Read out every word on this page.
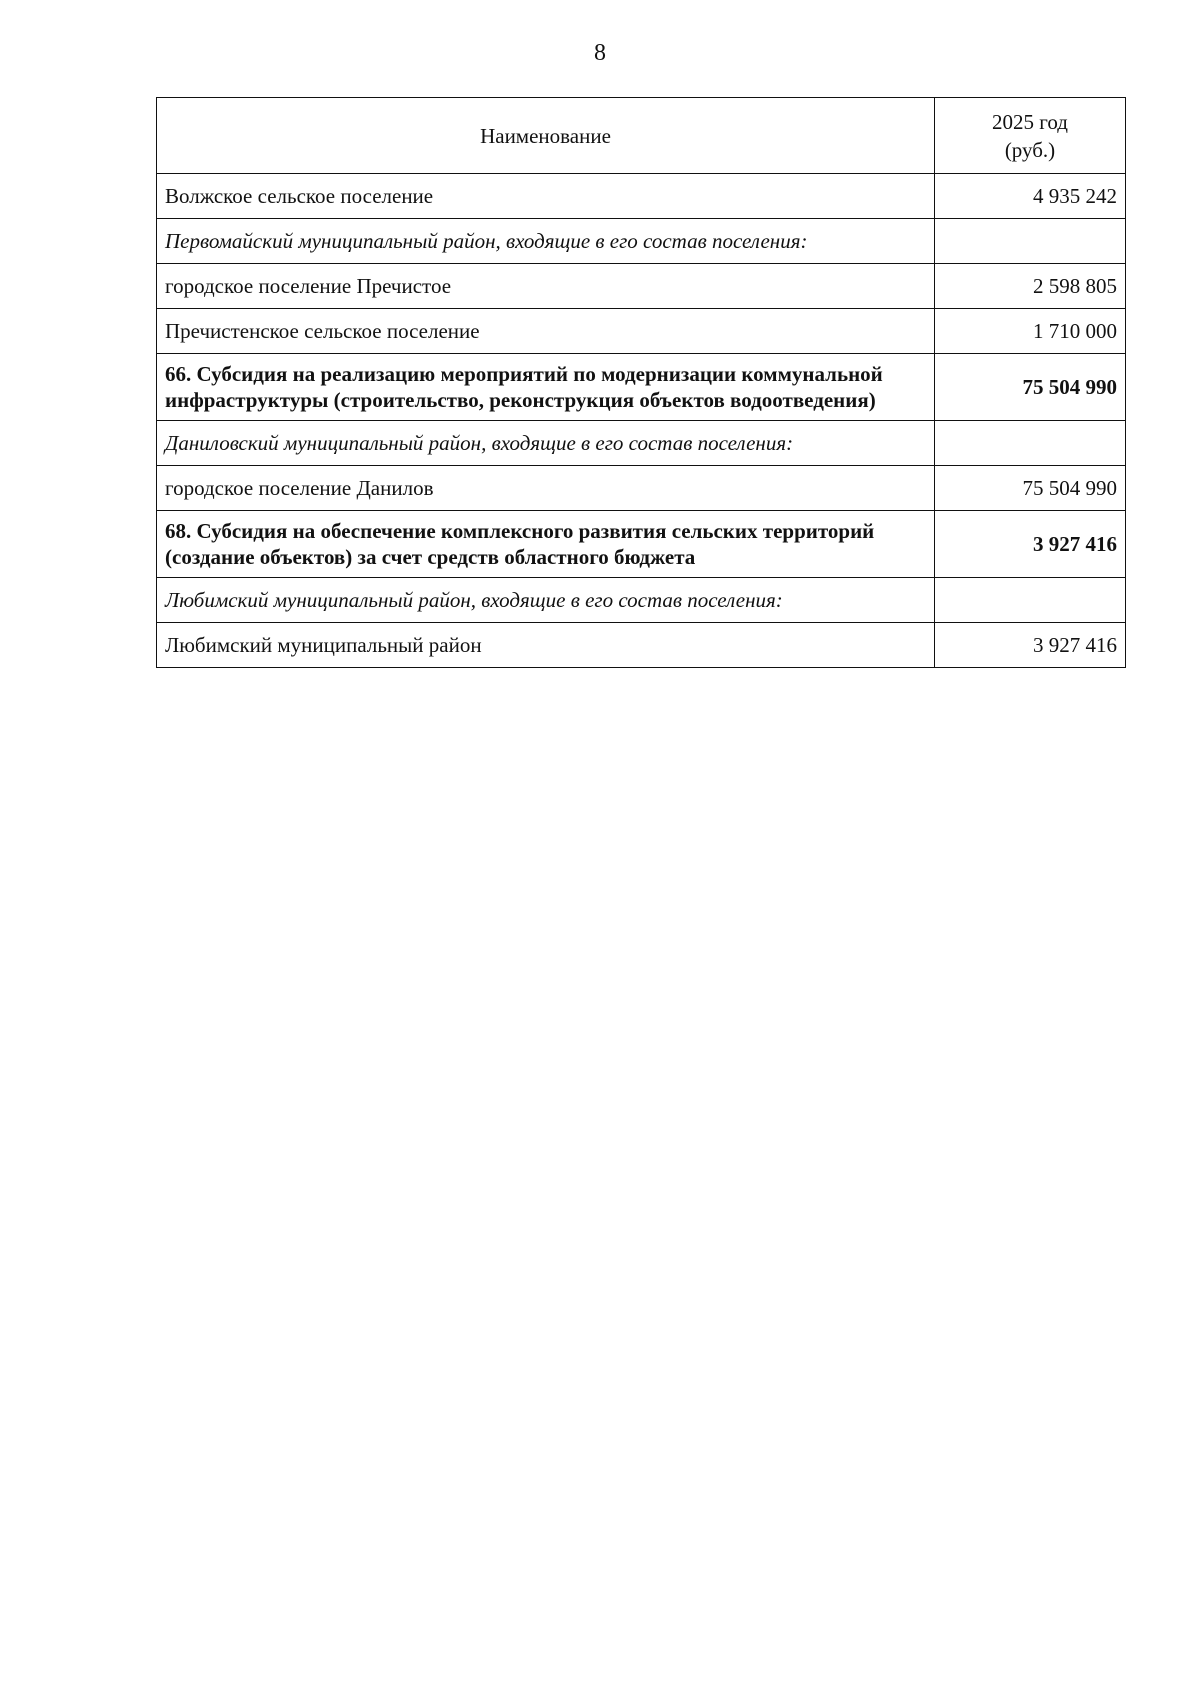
8
Наименование	2025 год
(руб.)

Волжское сельское поселение	4 935 242
Первомайский муниципальный район, входящие в его состав поселения:	
городское поселение Пречистое	2 598 805
Пречистенское сельское поселение	1 710 000
66. Субсидия на реализацию мероприятий по модернизации коммунальной инфраструктуры (строительство, реконструкция объектов водоотведения)	75 504 990
Даниловский муниципальный район, входящие в его состав поселения:	
городское поселение Данилов	75 504 990
68. Субсидия на обеспечение комплексного развития сельских территорий (создание объектов) за счет средств областного бюджета	3 927 416
Любимский муниципальный район, входящие в его состав поселения:	
Любимский муниципальный район	3 927 416
